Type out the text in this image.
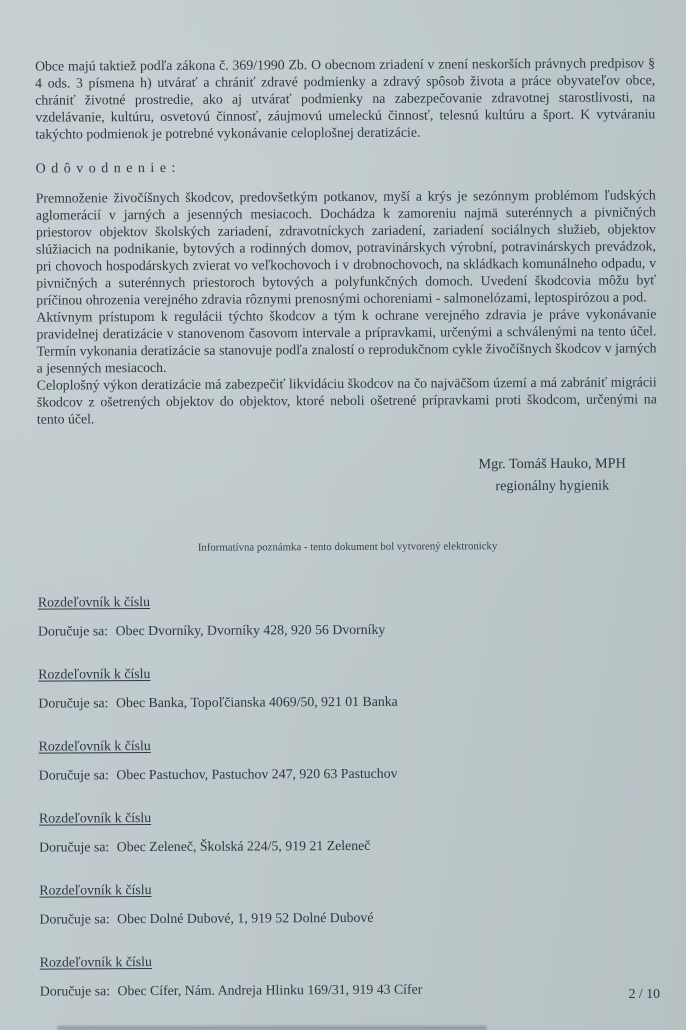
Obce majú taktiež podľa zákona č. 369/1990 Zb. O obecnom zriadení v znení neskorších právnych predpisov § 4 ods. 3 písmena h) utvárať a chrániť zdravé podmienky a zdravý spôsob života a práce obyvateľov obce, chrániť životné prostredie, ako aj utvárať podmienky na zabezpečovanie zdravotnej starostlivosti, na vzdelávanie, kultúru, osvetovú činnosť, záujmovú umeleckú činnosť, telesnú kultúru a šport. K vytváraniu takýchto podmienok je potrebné vykonávanie celoplošnej deratizácie.

O d ô v o d n e n i e :

Premnoženie živočíšnych škodcov, predovšetkým potkanov, myší a krýs je sezónnym problémom ľudských aglomerácií v jarných a jesenných mesiacoch. Dochádza k zamoreniu najmä suterénnych a pivničných priestorov objektov školských zariadení, zdravotníckych zariadení, zariadení sociálnych služieb, objektov slúžiacich na podnikanie, bytových a rodinných domov, potravinárskych výrobní, potravinárskych prevádzok, pri chovoch hospodárskych zvierat vo veľkochovoch i v drobnochovoch, na skládkach komunálneho odpadu, v pivničných a suterénnych priestoroch bytových a polyfunkčných domoch. Uvedení škodcovia môžu byť príčinou ohrozenia verejného zdravia rôznymi prenosnými ochoreniami - salmonelózami, leptospirózou a pod.

Aktívnym prístupom k regulácii týchto škodcov a tým k ochrane verejného zdravia je práve vykonávanie pravidelnej deratizácie v stanovenom časovom intervale a prípravkami, určenými a schválenými na tento účel. Termín vykonania deratizácie sa stanovuje podľa znalostí o reprodukčnom cykle živočíšnych škodcov v jarných a jesenných mesiacoch.

Celoplošný výkon deratizácie má zabezpečiť likvidáciu škodcov na čo najväčšom území a má zabrániť migrácii škodcov z ošetrených objektov do objektov, ktoré neboli ošetrené prípravkami proti škodcom, určenými na tento účel.

Mgr. Tomáš Hauko, MPH
regionálny hygienik
Informatívna poznámka - tento dokument bol vytvorený elektronicky
Rozdeľovník k číslu
Doručuje sa: Obec Dvorníky, Dvorníky 428, 920 56 Dvorníky
Rozdeľovník k číslu
Doručuje sa: Obec Banka, Topoľčianska 4069/50, 921 01 Banka
Rozdeľovník k číslu
Doručuje sa: Obec Pastuchov, Pastuchov 247, 920 63 Pastuchov
Rozdeľovník k číslu
Doručuje sa: Obec Zeleneč, Školská 224/5, 919 21 Zeleneč
Rozdeľovník k číslu
Doručuje sa: Obec Dolné Dubové, 1, 919 52 Dolné Dubové
Rozdeľovník k číslu
Doručuje sa: Obec Cífer, Nám. Andreja Hlinku 169/31, 919 43 Cífer	2 / 10
